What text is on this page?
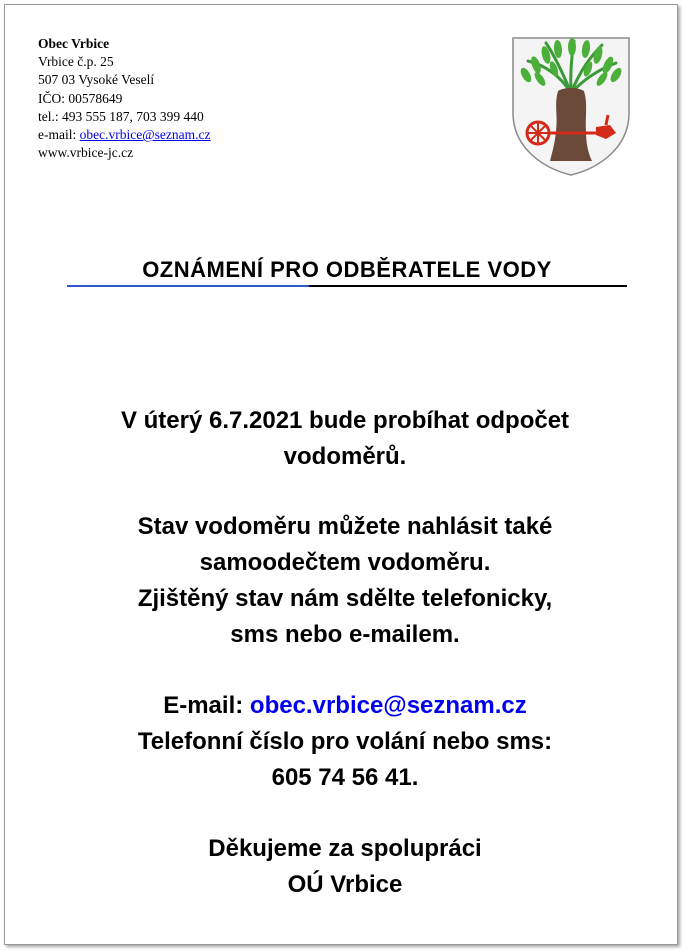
Obec Vrbice
Vrbice č.p. 25
507 03 Vysoké Veselí
IČO: 00578649
tel.: 493 555 187, 703 399 440
e-mail: obec.vrbice@seznam.cz
www.vrbice-jc.cz
OZNÁMENÍ PRO ODBĚRATELE VODY

V úterý 6.7.2021 bude probíhat odpočet

vodoměrů.

Stav vodoměru můžete nahlásit také

samoodečtem vodoměru.

Zjištěný stav nám sdělte telefonicky,

sms nebo e-mailem.

E-mail: obec.vrbice@seznam.cz

Telefonní číslo pro volání nebo sms:

605 74 56 41.

Děkujeme za spolupráci

OÚ Vrbice
